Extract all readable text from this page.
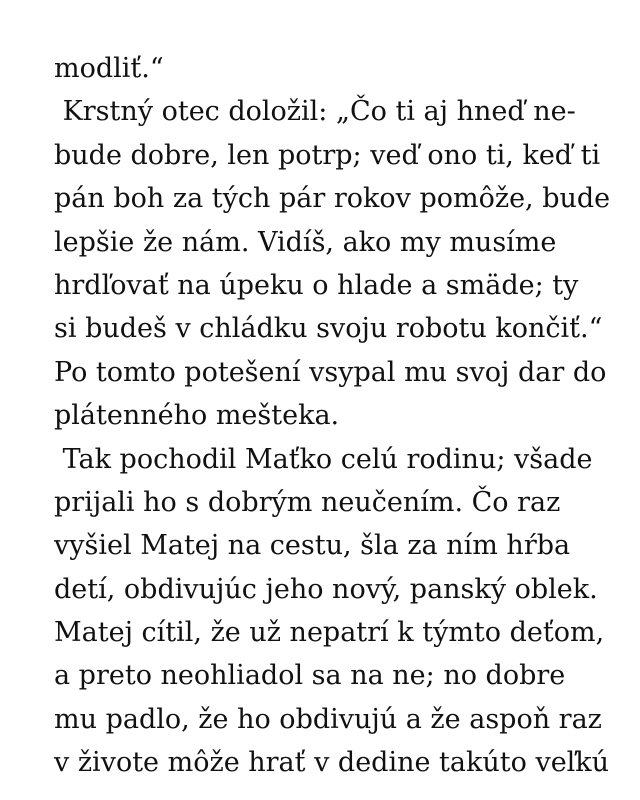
modliť.“
Krstný otec doložil: „Čo ti aj hneď ne-
bude dobre, len potrp; veď ono ti, keď ti
pán boh za tých pár rokov pomôže, bude
lepšie že nám. Vidíš, ako my musíme
hrdľovať na úpeku o hlade a smäde; ty
si budeš v chládku svoju robotu končiť.“
Po tomto potešení vsypal mu svoj dar do
plátenného mešteka.
Tak pochodil Maťko celú rodinu; všade
prijali ho s dobrým neučením. Čo raz
vyšiel Matej na cestu, šla za ním hŕba
detí, obdivujúc jeho nový, panský oblek.
Matej cítil, že už nepatrí k týmto deťom,
a preto neohliadol sa na ne; no dobre
mu padlo, že ho obdivujú a že aspoň raz
v živote môže hrať v dedine takúto veľkú
